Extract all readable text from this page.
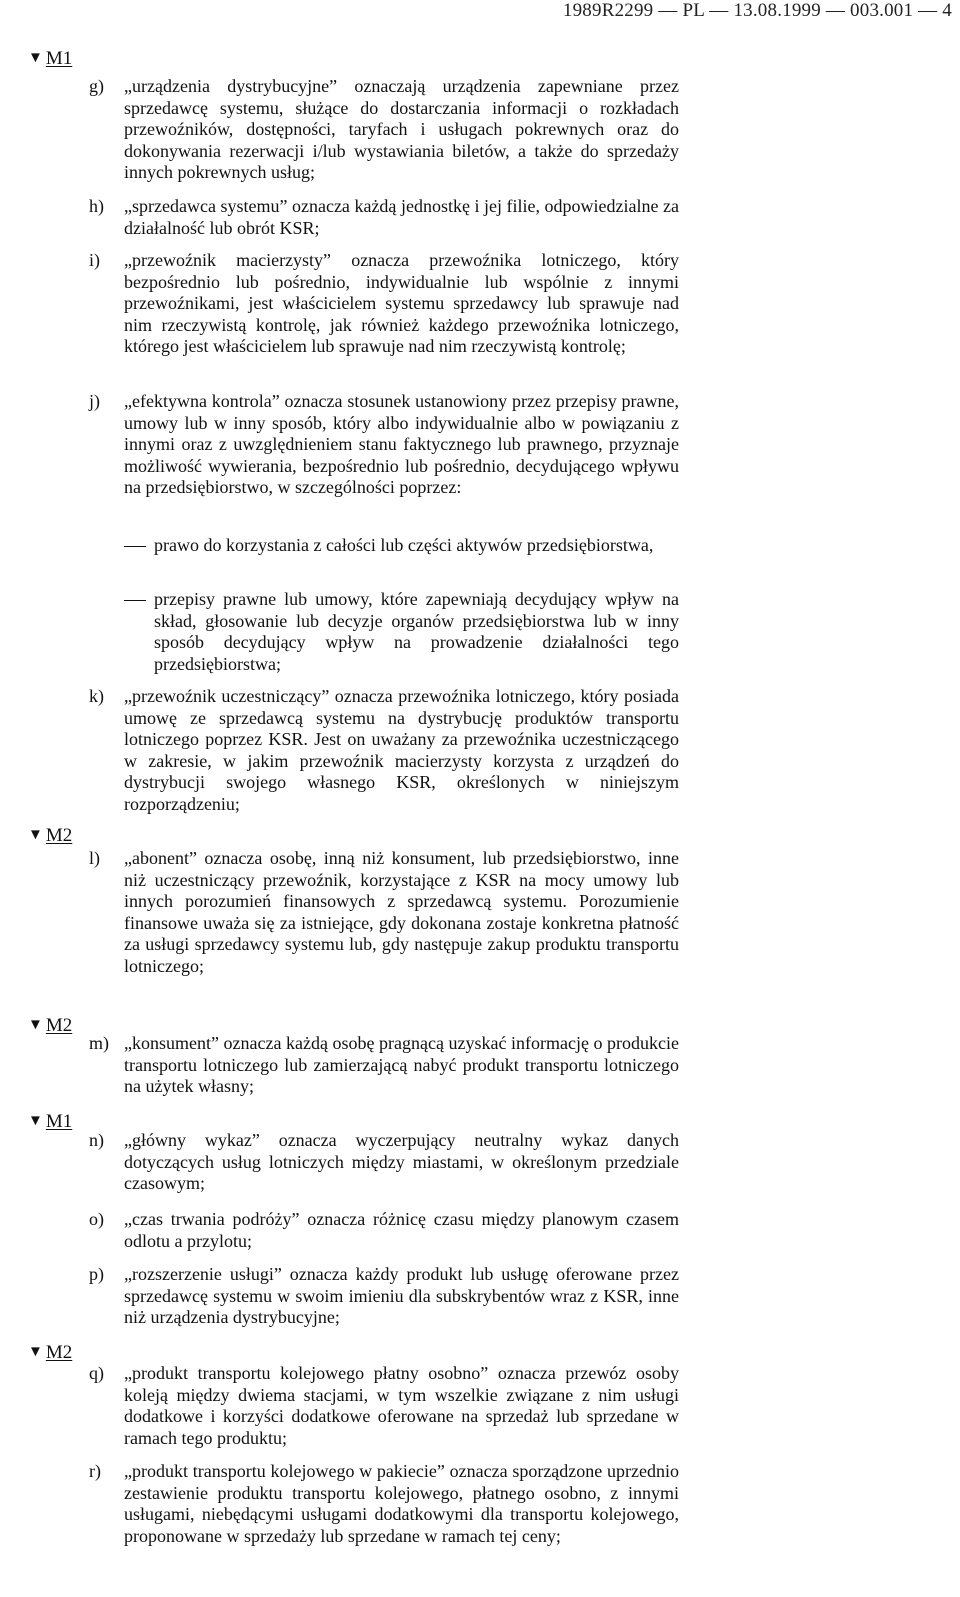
1989R2299 — PL — 13.08.1999 — 003.001 — 4
▼ M1
▼ M2
▼ M2
▼ M1
▼ M2
g)	„urządzenia dystrybucyjne” oznaczają urządzenia zapewniane przez sprzedawcę systemu, służące do dostarczania informacji o rozkładach przewoźników, dostępności, taryfach i usługach pokrewnych oraz do dokonywania rezerwacji i/lub wystawiania biletów, a także do sprzedaży innych pokrewnych usług;
h)	„sprzedawca systemu” oznacza każdą jednostkę i jej filie, odpowiedzialne za działalność lub obrót KSR;
i)	„przewoźnik macierzysty” oznacza przewoźnika lotniczego, który bezpośrednio lub pośrednio, indywidualnie lub wspólnie z innymi przewoźnikami, jest właścicielem systemu sprzedawcy lub sprawuje nad nim rzeczywistą kontrolę, jak również każdego przewoźnika lotniczego, którego jest właścicielem lub sprawuje nad nim rzeczywistą kontrolę;
j)	„efektywna kontrola” oznacza stosunek ustanowiony przez przepisy prawne, umowy lub w inny sposób, który albo indywidualnie albo w powiązaniu z innymi oraz z uwzględnieniem stanu faktycznego lub prawnego, przyznaje możliwość wywierania, bezpośrednio lub pośrednio, decydującego wpływu na przedsiębiorstwo, w szczególności poprzez:
prawo do korzystania z całości lub części aktywów przedsiębiorstwa,
przepisy prawne lub umowy, które zapewniają decydujący wpływ na skład, głosowanie lub decyzje organów przedsiębiorstwa lub w inny sposób decydujący wpływ na prowadzenie działalności tego przedsiębiorstwa;
k)	„przewoźnik uczestniczący” oznacza przewoźnika lotniczego, który posiada umowę ze sprzedawcą systemu na dystrybucję produktów transportu lotniczego poprzez KSR. Jest on uważany za przewoźnika uczestniczącego w zakresie, w jakim przewoźnik macierzysty korzysta z urządzeń do dystrybucji swojego własnego KSR, określonych w niniejszym rozporządzeniu;
l)	„abonent” oznacza osobę, inną niż konsument, lub przedsiębiorstwo, inne niż uczestniczący przewoźnik, korzystające z KSR na mocy umowy lub innych porozumień finansowych z sprzedawcą systemu. Porozumienie finansowe uważa się za istniejące, gdy dokonana zostaje konkretna płatność za usługi sprzedawcy systemu lub, gdy następuje zakup produktu transportu lotniczego;
m) „konsument” oznacza każdą osobę pragnącą uzyskać informację o produkcie transportu lotniczego lub zamierzającą nabyć produkt transportu lotniczego na użytek własny;
n)	„główny wykaz” oznacza wyczerpujący neutralny wykaz danych dotyczących usług lotniczych między miastami, w określonym przedziale czasowym;
o)	„czas trwania podróży” oznacza różnicę czasu między planowym czasem odlotu a przylotu;
p)	„rozszerzenie usługi” oznacza każdy produkt lub usługę oferowane przez sprzedawcę systemu w swoim imieniu dla subskrybentów wraz z KSR, inne niż urządzenia dystrybucyjne;
q)	„produkt transportu kolejowego płatny osobno” oznacza przewóz osoby koleją między dwiema stacjami, w tym wszelkie związane z nim usługi dodatkowe i korzyści dodatkowe oferowane na sprzedaż lub sprzedane w ramach tego produktu;
r)	„produkt transportu kolejowego w pakiecie” oznacza sporządzone uprzednio zestawienie produktu transportu kolejowego, płatnego osobno, z innymi usługami, niebędącymi usługami dodatkowymi dla transportu kolejowego, proponowane w sprzedaży lub sprzedane w ramach tej ceny;
